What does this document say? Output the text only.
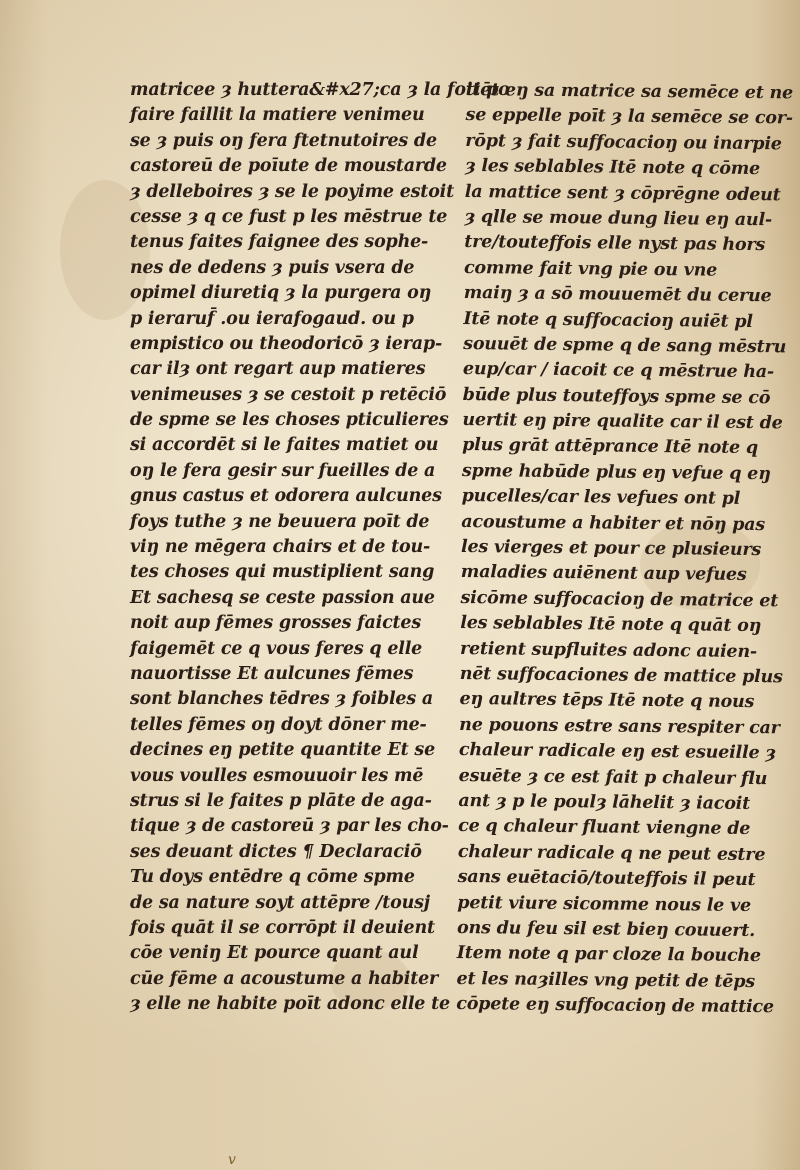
matricee ȝ huttera&#x27;ca ȝ la foit po
faire faillit la matiere venimeu
se ȝ puis oŋ fera ftetnutoires de
castoreū de poīute de moustarde
ȝ delleboires ȝ se le poyime estoit
cesse ȝ q ce fust p les mēstrue te
tenus faites faignee des sophe-
nes de dedens ȝ puis vsera de
opimel diuretiq ȝ la purgera oŋ
p ieraruf̄ .ou ierafogaud. ou p
empistico ou theodoricō ȝ ierap-
car ilȝ ont regart aup matieres
venimeuses ȝ se cestoit p retēciō
de spme se les choses pticulieres
si accordēt si le faites matiet ou
oŋ le fera gesir sur fueilles de a
gnus castus et odorera aulcunes
foys tuthe ȝ ne beuuera poīt de
viŋ ne mēgera chairs et de tou-
tes choses qui mustiplient sang
Et sachesq se ceste passion aue
noit aup fēmes grosses faictes
faigemēt ce q vous feres q elle
nauortisse Et aulcunes fēmes
sont blanches tēdres ȝ foibles a
telles fēmes oŋ doyt dōner me-
decines eŋ petite quantite Et se
vous voulles esmouuoir les mē
strus si le faites p plāte de aga-
tique ȝ de castoreū ȝ par les cho-
ses deuant dictes ¶ Declaraciō
Tu doys entēdre q cōme spme
de sa nature soyt attēpre /tousj
fois quāt il se corrōpt il deuient
cōe veniŋ Et pource quant aul
cūe fēme a acoustume a habiter
ȝ elle ne habite poīt adonc elle te
tiēt eŋ sa matrice sa semēce et ne
se eppelle poīt ȝ la semēce se cor-
rōpt ȝ fait suffocacioŋ ou inarpie
ȝ les seblables Itē note q cōme
la mattice sent ȝ cōprēgne odeut
ȝ qlle se moue dung lieu eŋ aul-
tre/touteffois elle nyst pas hors
comme fait vng pie ou vne
maiŋ ȝ a sō mouuemēt du cerue
Itē note q suffocacioŋ auiēt pl
souuēt de spme q de sang mēstru
eup/car / iacoit ce q mēstrue ha-
būde plus touteffoys spme se cō
uertit eŋ pire qualite car il est de
plus grāt attēprance Itē note q
spme habūde plus eŋ vefue q eŋ
pucelles/car les vefues ont pl
acoustume a habiter et nōŋ pas
les vierges et pour ce plusieurs
maladies auiēnent aup vefues
sicōme suffocacioŋ de matrice et
les seblables Itē note q quāt oŋ
retient supfluites adonc auien-
nēt suffocaciones de mattice plus
eŋ aultres tēps Itē note q nous
ne pouons estre sans respiter car
chaleur radicale eŋ est esueille ȝ
esuēte ȝ ce est fait p chaleur flu
ant ȝ p le poulȝ lāhelit ȝ iacoit
ce q chaleur fluant viengne de
chaleur radicale q ne peut estre
sans euētaciō/touteffois il peut
petit viure sicomme nous le ve
ons du feu sil est bieŋ couuert.
Item note q par cloze la bouche
et les naȝilles vng petit de tēps
cōpete eŋ suffocacioŋ de mattice
v
